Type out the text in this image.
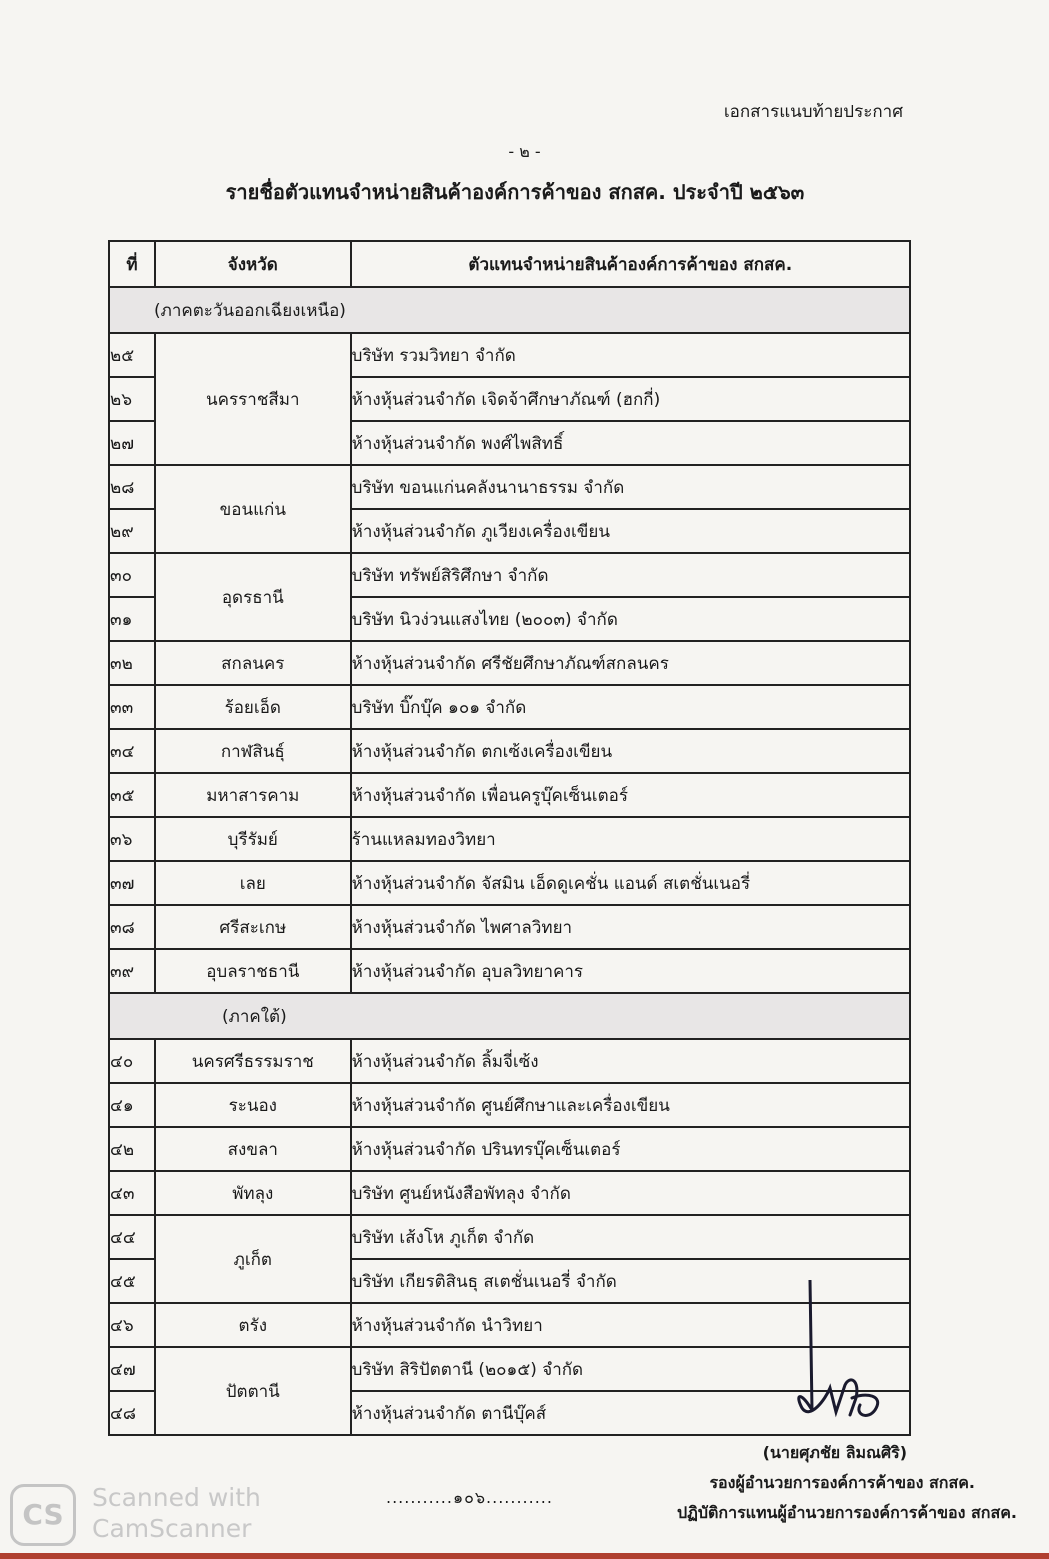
เอกสารแนบท้ายประกาศ
- ๒ -
รายชื่อตัวแทนจำหน่ายสินค้าองค์การค้าของ สกสค. ประจำปี ๒๕๖๓
ที่	จังหวัด	ตัวแทนจำหน่ายสินค้าองค์การค้าของ สกสค.
(ภาคตะวันออกเฉียงเหนือ)		
๒๕	นครราชสีมา	บริษัท รวมวิทยา จำกัด
๒๖		ห้างหุ้นส่วนจำกัด เจิดจ้าศึกษาภัณฑ์ (ฮกกี่)
๒๗		ห้างหุ้นส่วนจำกัด พงศ์ไพสิทธิ์
๒๘	ขอนแก่น	บริษัท ขอนแก่นคลังนานาธรรม จำกัด
๒๙		ห้างหุ้นส่วนจำกัด ภูเวียงเครื่องเขียน
๓๐	อุดรธานี	บริษัท ทรัพย์สิริศึกษา จำกัด
๓๑		บริษัท นิวง่วนแสงไทย (๒๐๐๓) จำกัด
๓๒	สกลนคร	ห้างหุ้นส่วนจำกัด ศรีชัยศึกษาภัณฑ์สกลนคร
๓๓	ร้อยเอ็ด	บริษัท บิ๊กบุ๊ค ๑๐๑ จำกัด
๓๔	กาฬสินธุ์	ห้างหุ้นส่วนจำกัด ตกเซ้งเครื่องเขียน
๓๕	มหาสารคาม	ห้างหุ้นส่วนจำกัด เพื่อนครูบุ๊คเซ็นเตอร์
๓๖	บุรีรัมย์	ร้านแหลมทองวิทยา
๓๗	เลย	ห้างหุ้นส่วนจำกัด จัสมิน เอ็ดดูเคชั่น แอนด์ สเตชั่นเนอรี่
๓๘	ศรีสะเกษ	ห้างหุ้นส่วนจำกัด ไพศาลวิทยา
๓๙	อุบลราชธานี	ห้างหุ้นส่วนจำกัด อุบลวิทยาคาร
(ภาคใต้)		
๔๐	นครศรีธรรมราช	ห้างหุ้นส่วนจำกัด ลิ้มจี่เซ้ง
๔๑	ระนอง	ห้างหุ้นส่วนจำกัด ศูนย์ศึกษาและเครื่องเขียน
๔๒	สงขลา	ห้างหุ้นส่วนจำกัด ปรินทรบุ๊คเซ็นเตอร์
๔๓	พัทลุง	บริษัท ศูนย์หนังสือพัทลุง จำกัด
๔๔	ภูเก็ต	บริษัท เส้งโห ภูเก็ต จำกัด
๔๕		บริษัท เกียรติสินธุ สเตชั่นเนอรี่ จำกัด
๔๖	ตรัง	ห้างหุ้นส่วนจำกัด นำวิทยา
๔๗	ปัตตานี	บริษัท สิริปัตตานี (๒๐๑๕) จำกัด
๔๘		ห้างหุ้นส่วนจำกัด ตานีบุ๊คส์
(นายศุภชัย ลิมณศิริ)
รองผู้อำนวยการองค์การค้าของ สกสค.
ปฏิบัติการแทนผู้อำนวยการองค์การค้าของ สกสค.
...........๑๐๖...........
CS
Scanned with
CamScanner
